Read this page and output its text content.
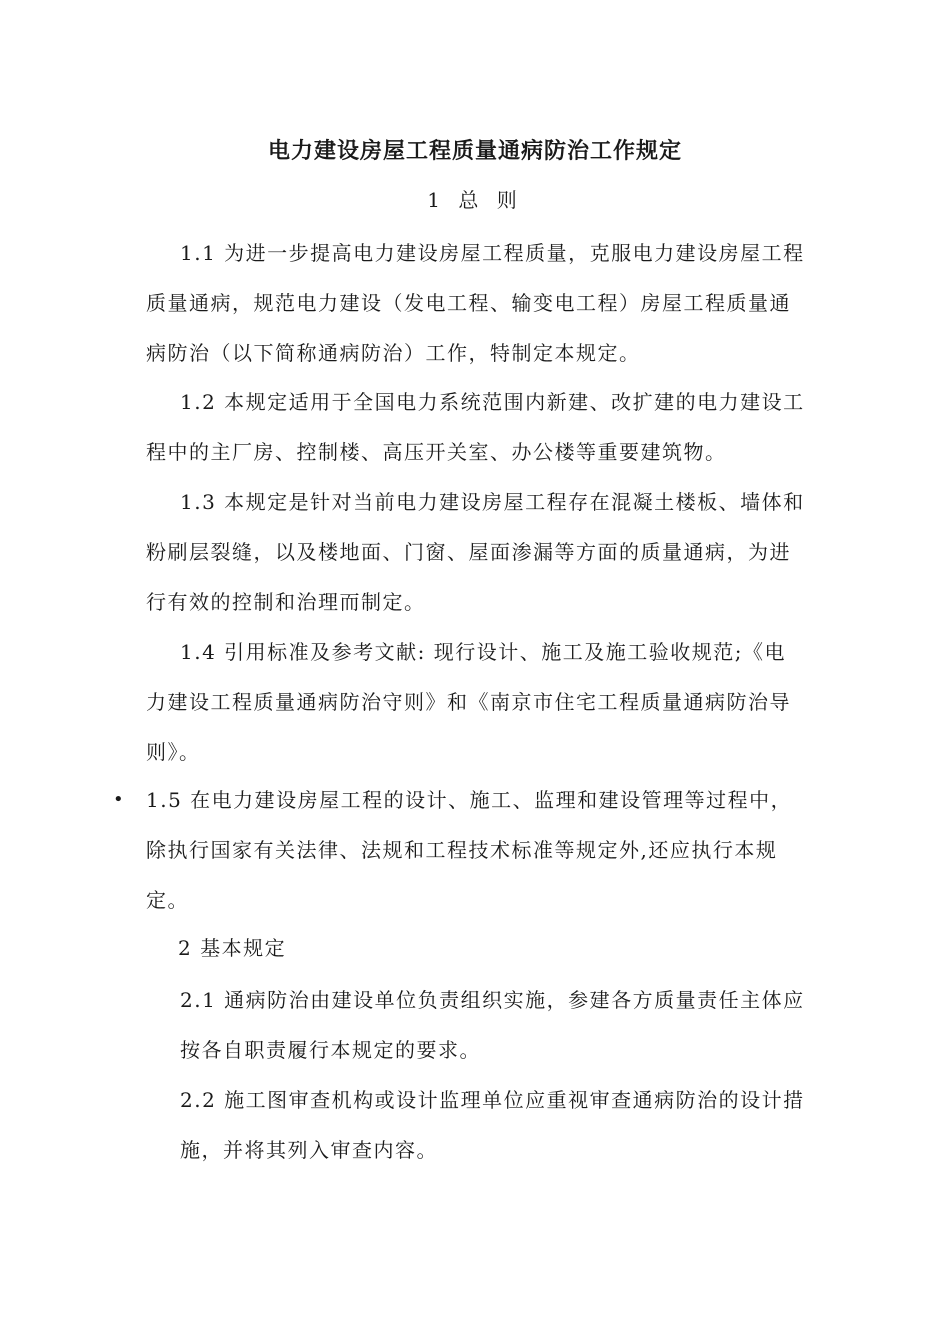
电力建设房屋工程质量通病防治工作规定
1 总 则
1.1 为进一步提高电力建设房屋工程质量，克服电力建设房屋工程质量通病，规范电力建设（发电工程、输变电工程）房屋工程质量通病防治（以下简称通病防治）工作，特制定本规定。
1.2 本规定适用于全国电力系统范围内新建、改扩建的电力建设工程中的主厂房、控制楼、高压开关室、办公楼等重要建筑物。
1.3 本规定是针对当前电力建设房屋工程存在混凝土楼板、墙体和粉刷层裂缝，以及楼地面、门窗、屋面渗漏等方面的质量通病，为进行有效的控制和治理而制定。
1.4 引用标准及参考文献: 现行设计、施工及施工验收规范;《电力建设工程质量通病防治守则》和《南京市住宅工程质量通病防治导则》。
• 1.5 在电力建设房屋工程的设计、施工、监理和建设管理等过程中，除执行国家有关法律、法规和工程技术标准等规定外,还应执行本规定。
2 基本规定
2.1 通病防治由建设单位负责组织实施，参建各方质量责任主体应按各自职责履行本规定的要求。
2.2 施工图审查机构或设计监理单位应重视审查通病防治的设计措施，并将其列入审查内容。
